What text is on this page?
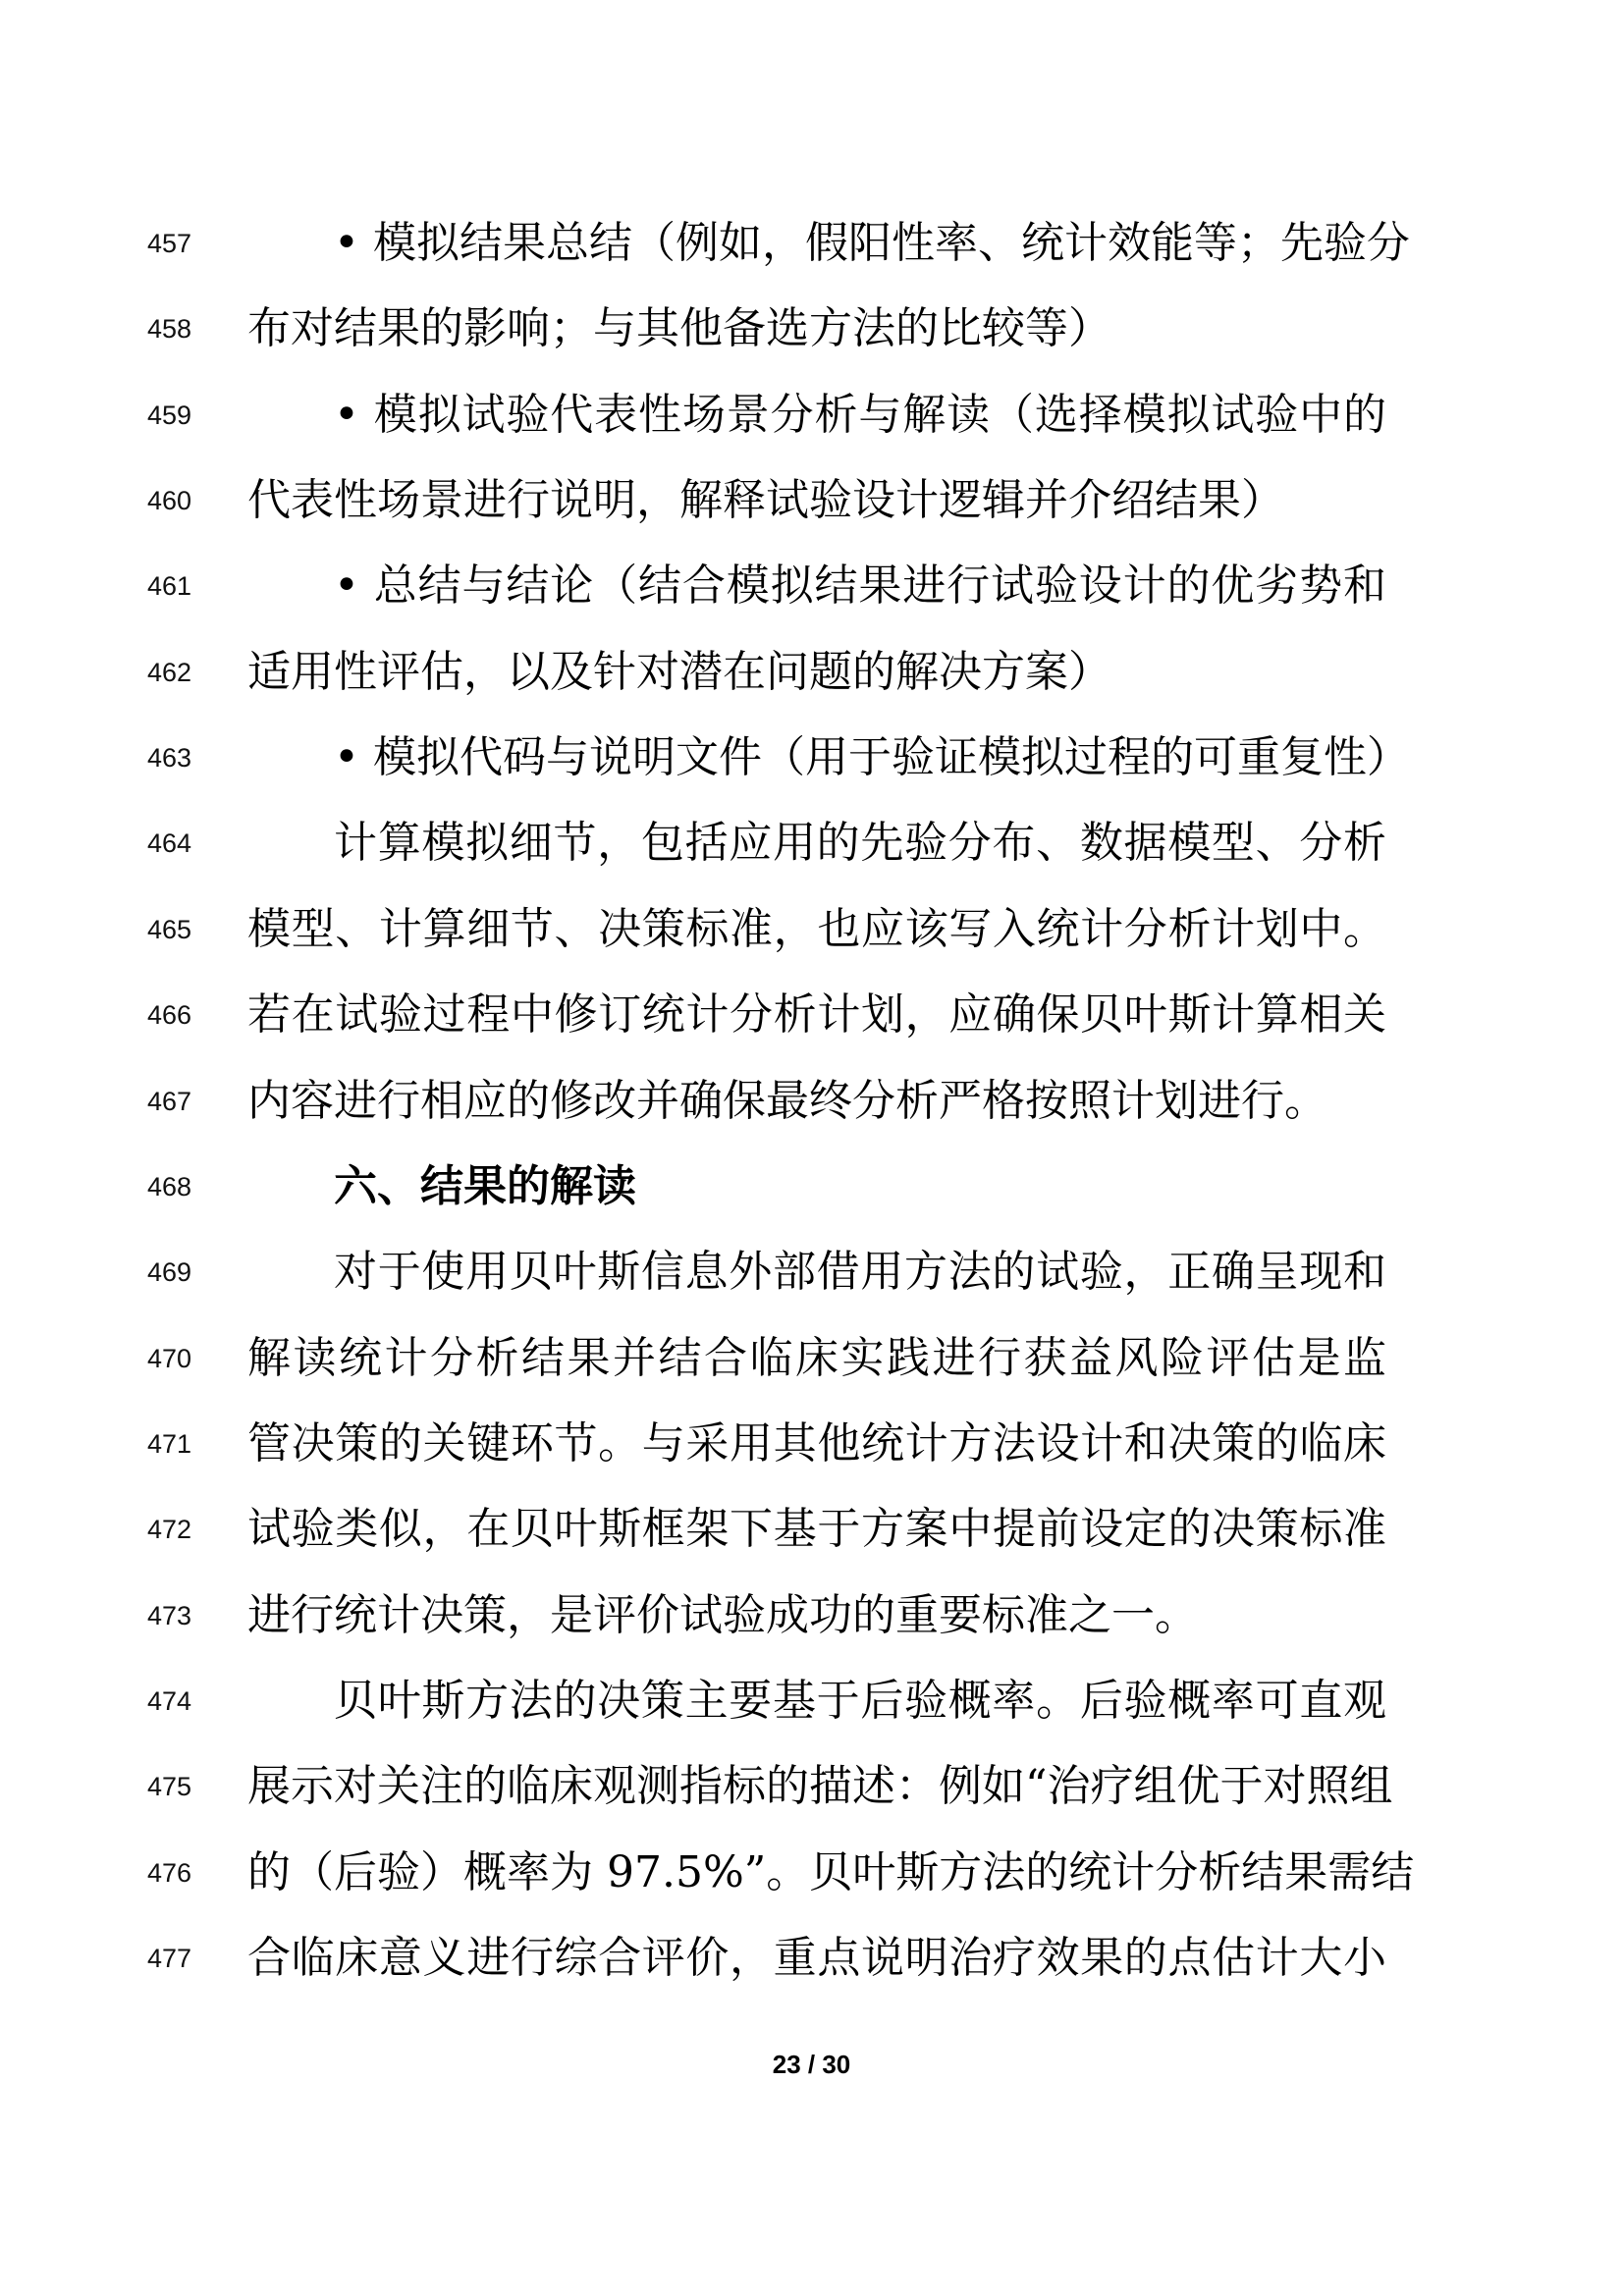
457	• 模拟结果总结（例如，假阳性率、统计效能等；先验分
458	布对结果的影响；与其他备选方法的比较等）
459	• 模拟试验代表性场景分析与解读（选择模拟试验中的
460	代表性场景进行说明，解释试验设计逻辑并介绍结果）
461	• 总结与结论（结合模拟结果进行试验设计的优劣势和
462	适用性评估，以及针对潜在问题的解决方案）
463	• 模拟代码与说明文件（用于验证模拟过程的可重复性）
464	计算模拟细节，包括应用的先验分布、数据模型、分析
465	模型、计算细节、决策标准，也应该写入统计分析计划中。
466	若在试验过程中修订统计分析计划，应确保贝叶斯计算相关
467	内容进行相应的修改并确保最终分析严格按照计划进行。
468	六、结果的解读
469	对于使用贝叶斯信息外部借用方法的试验，正确呈现和
470	解读统计分析结果并结合临床实践进行获益风险评估是监
471	管决策的关键环节。与采用其他统计方法设计和决策的临床
472	试验类似，在贝叶斯框架下基于方案中提前设定的决策标准
473	进行统计决策，是评价试验成功的重要标准之一。
474	贝叶斯方法的决策主要基于后验概率。后验概率可直观
475	展示对关注的临床观测指标的描述：例如“治疗组优于对照组
476	的（后验）概率为 97.5%”。贝叶斯方法的统计分析结果需结
477	合临床意义进行综合评价，重点说明治疗效果的点估计大小
23 / 30
